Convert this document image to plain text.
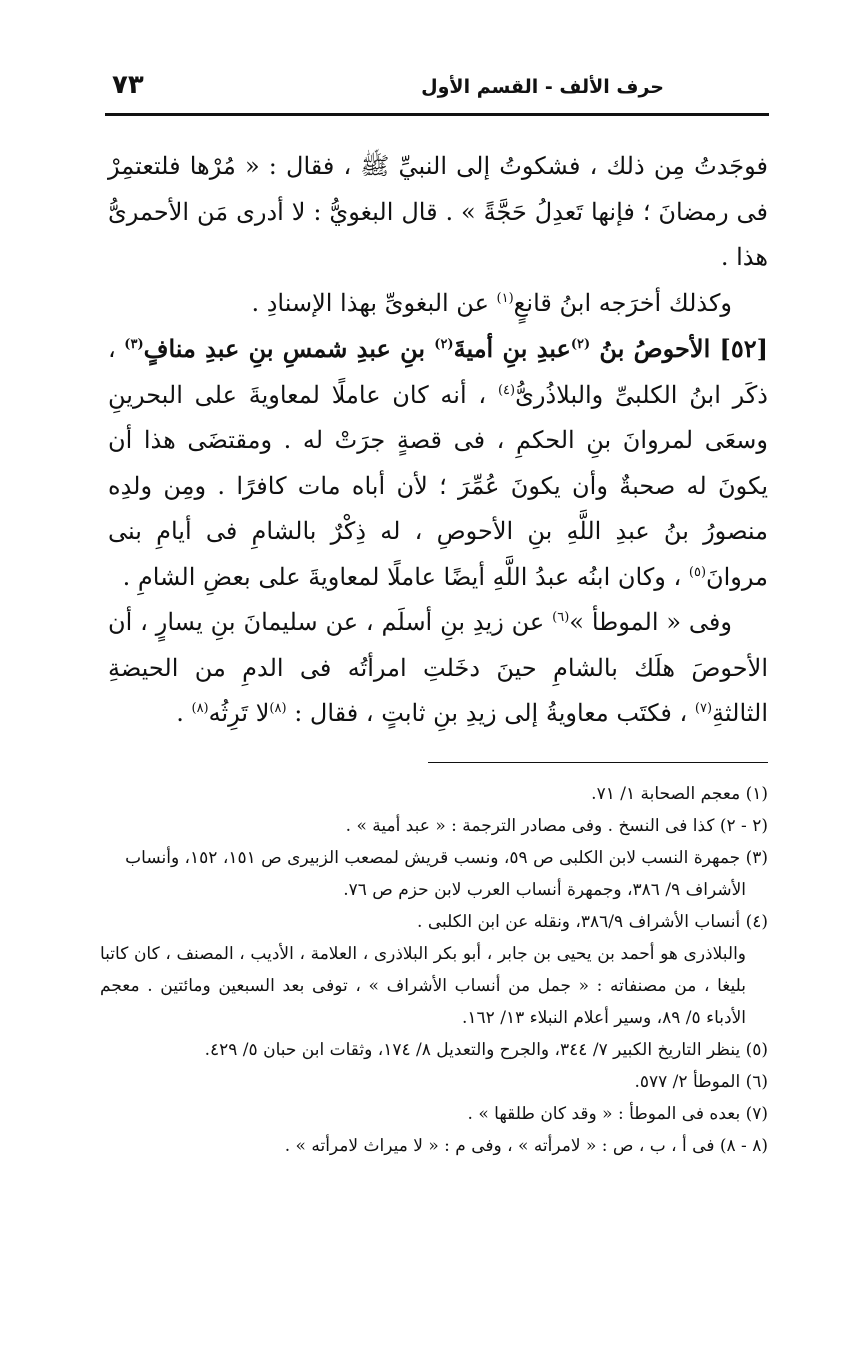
٧٣	حرف الألف - القسم الأول

فوجَدتُ مِن ذلك ، فشكوتُ إلى النبيِّ ﷺ ، فقال : « مُرْها فلتعتمِرْ فى رمضانَ ؛ فإنها تَعدِلُ حَجَّةً » . قال البغويُّ : لا أدرى مَن الأحمرىُّ هذا .

وكذلك أخرَجه ابنُ قانعٍ$^{(١)}$ عن البغوىِّ بهذا الإسنادِ .

[٥٢] الأحوصُ بنُ $^{(٢)}$عبدِ بنِ أميةَ$^{(٢)}$ بنِ عبدِ شمسِ بنِ عبدِ منافٍ$^{(٣)}$ ، ذكَر ابنُ الكلبىِّ والبلاذُرىُّ$^{(٤)}$ ، أنه كان عاملًا لمعاويةَ على البحرينِ وسعَى لمروانَ بنِ الحكمِ ، فى قصةٍ جرَتْ له . ومقتضَى هذا أن يكونَ له صحبةٌ وأن يكونَ عُمِّرَ ؛ لأن أباه مات كافرًا . ومِن ولدِه منصورُ بنُ عبدِ اللَّهِ بنِ الأحوصِ ، له ذِكْرٌ بالشامِ فى أيامِ بنى مروانَ$^{(٥)}$ ، وكان ابنُه عبدُ اللَّهِ أيضًا عاملًا لمعاويةَ على بعضِ الشامِ .

وفى « الموطأ »$^{(٦)}$ عن زيدِ بنِ أسلَم ، عن سليمانَ بنِ يسارٍ ، أن الأحوصَ هلَك بالشامِ حينَ دخَلتِ امرأتُه فى الدمِ من الحيضةِ الثالثةِ$^{(٧)}$ ، فكتَب معاويةُ إلى زيدِ بنِ ثابتٍ ، فقال : $^{(٨)}$لا تَرِثُه$^{(٨)}$ .

(١) معجم الصحابة ١/ ٧١.

(٢ - ٢) كذا فى النسخ . وفى مصادر الترجمة : « عبد أمية » .

(٣) جمهرة النسب لابن الكلبى ص ٥٩، ونسب قريش لمصعب الزبيرى ص ١٥١، ١٥٢، وأنساب

الأشراف ٩/ ٣٨٦، وجمهرة أنساب العرب لابن حزم ص ٧٦.

(٤) أنساب الأشراف ٣٨٦/٩، ونقله عن ابن الكلبى .

والبلاذرى هو أحمد بن يحيى بن جابر ، أبو بكر البلاذرى ، العلامة ، الأديب ، المصنف ، كان كاتبا بليغا ، من مصنفاته : « جمل من أنساب الأشراف » ، توفى بعد السبعين ومائتين . معجم الأدباء ٥/ ٨٩، وسير أعلام النبلاء ١٣/ ١٦٢.

(٥) ينظر التاريخ الكبير ٧/ ٣٤٤، والجرح والتعديل ٨/ ١٧٤، وثقات ابن حبان ٥/ ٤٢٩.

(٦) الموطأ ٢/ ٥٧٧.

(٧) بعده فى الموطأ : « وقد كان طلقها » .

(٨ - ٨) فى أ ، ب ، ص : « لامرأته » ، وفى م : « لا ميراث لامرأته » .
